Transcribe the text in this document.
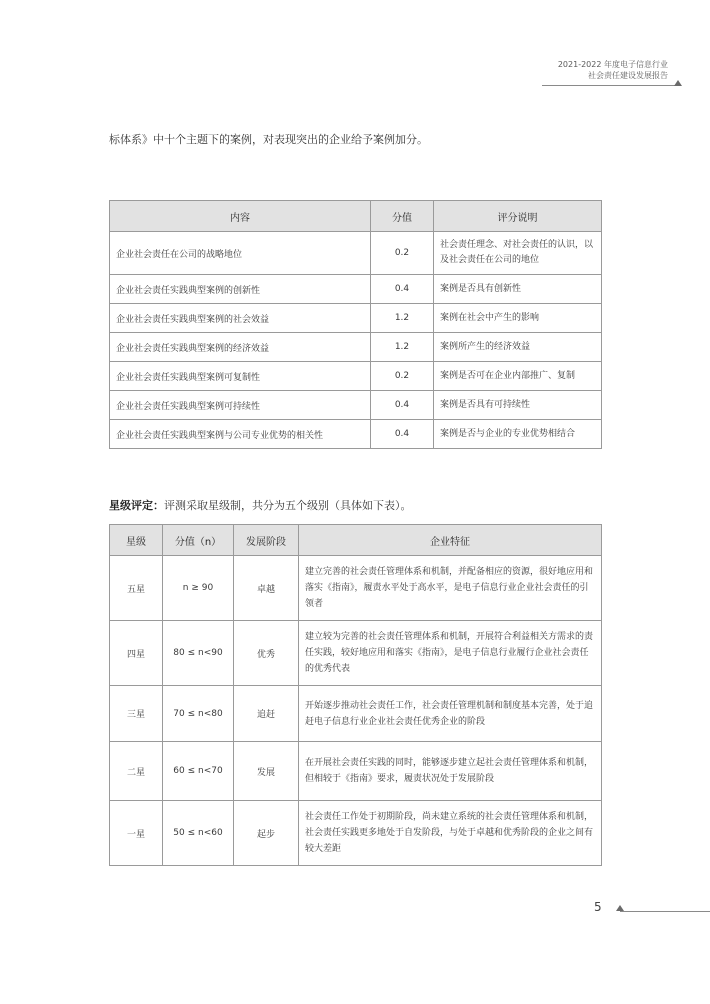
2021-2022 年度电子信息行业
社会责任建设发展报告
标体系》中十个主题下的案例，对表现突出的企业给予案例加分。
内容	分值	评分说明
企业社会责任在公司的战略地位	0.2	社会责任理念、对社会责任的认识，以及社会责任在公司的地位
企业社会责任实践典型案例的创新性	0.4	案例是否具有创新性
企业社会责任实践典型案例的社会效益	1.2	案例在社会中产生的影响
企业社会责任实践典型案例的经济效益	1.2	案例所产生的经济效益
企业社会责任实践典型案例可复制性	0.2	案例是否可在企业内部推广、复制
企业社会责任实践典型案例可持续性	0.4	案例是否具有可持续性
企业社会责任实践典型案例与公司专业优势的相关性	0.4	案例是否与企业的专业优势相结合
星级评定：评测采取星级制，共分为五个级别（具体如下表）。
星级	分值（n）	发展阶段	企业特征
五星	n ≥ 90	卓越	建立完善的社会责任管理体系和机制，并配备相应的资源，很好地应用和落实《指南》，履责水平处于高水平，是电子信息行业企业社会责任的引领者
四星	80 ≤ n<90	优秀	建立较为完善的社会责任管理体系和机制，开展符合利益相关方需求的责任实践，较好地应用和落实《指南》，是电子信息行业履行企业社会责任的优秀代表
三星	70 ≤ n<80	追赶	开始逐步推动社会责任工作，社会责任管理机制和制度基本完善，处于追赶电子信息行业企业社会责任优秀企业的阶段
二星	60 ≤ n<70	发展	在开展社会责任实践的同时，能够逐步建立起社会责任管理体系和机制，但相较于《指南》要求，履责状况处于发展阶段
一星	50 ≤ n<60	起步	社会责任工作处于初期阶段，尚未建立系统的社会责任管理体系和机制，社会责任实践更多地处于自发阶段，与处于卓越和优秀阶段的企业之间有较大差距
5
